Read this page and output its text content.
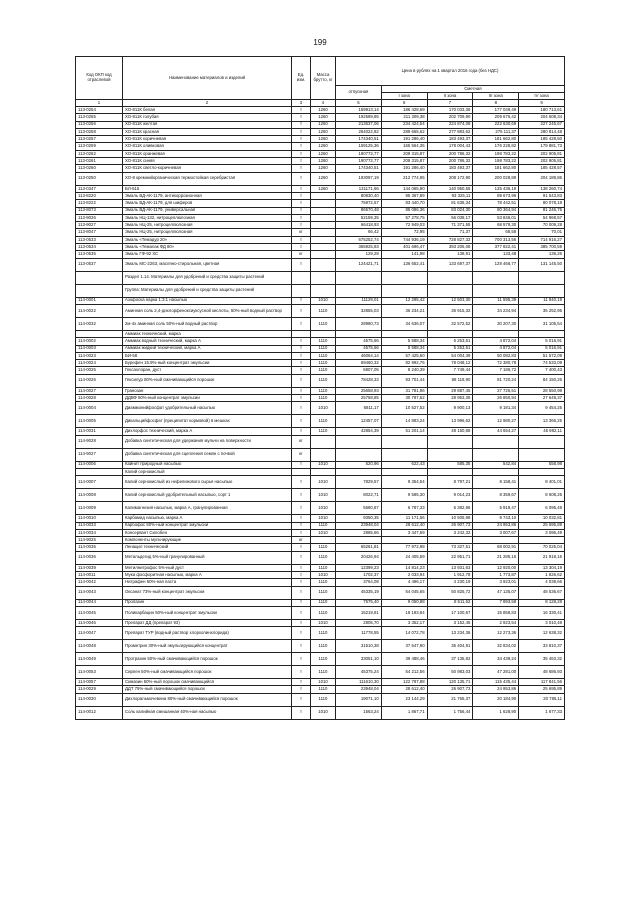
199
Код ОКП код отраслевой	Наименование материалов и изделий	Ед. изм.	Масса брутто, кг	Цена в рублях на 1 квартал 2016 года (без НДС)				
				отпускная	Сметная			
					I зона	II зона	III зона	IV зона
1	2	3	4	5	6	7	8	9
113-0254	ХО-811К белая	т	1260	159913,14	186 428,69	170 033,36	177 049,49	180 713,61
113-0255	ХО-811К голубая	т	1260	192589,85	211 309,38	202 709,90	209 676,42	204 608,34
113-0256	ХО-811К желтая	т	1260	213637,06	234 424,54	224 874,08	222 630,69	227 245,67
113-0258	ХО-811К красная	т	1260	264022,82	289 665,62	277 883,62	275 111,37	280 814,48
113-0257	ХО-811К коричневая	т	1260	174340,51	191 286,40	183 493,37	181 662,80	185 428,50
113-0259	ХО-811К оливковая	т	1260	159125,36	165 564,35	178 004,43	176 228,82	179 881,73
113-0262	ХО-811К оранжевая	т	1260	190772,77	209 315,87	200 786,32	198 783,22	202 905,81
113-0261	ХО-811К синяя	т	1260	190772,77	209 315,87	200 786,32	198 783,22	202 905,81
113-0260	ХО-811К светло-коричневая	т	1260	174340,51	191 286,40	183 493,37	181 662,80	185 428,57
113-0250	ХО-8 кремнийорганическая термостойкая серебристая	т	1260	193097,19	212 774,95	208 172,90	200 028,89	204 189,86
113-0347	БЛ-515	т	1260	131171,66	144 065,90	140 950,55	135 436,19	138 260,74
113-8220	Эмаль ВД-АК-1179, антикоррозионная	т		80830,40	95 367,89	93 325,11	89 673,99	91 543,83
113-8222	Эмаль ВД-АК-1179, для шиферов	т		75972,57	83 440,70	81 636,34	78 442,51	80 078,18
113-8073	Эмаль ВД-АК-1179, универсальная	т		86570,48	85 086,36	83 024,30	80 364,94	81 246,75
113-9026	Эмаль НЦ-132, нитроцеллюлозная	т		52159,35	57 278,75	56 038,17	53 846,01	54 968,57
113-9027	Эмаль НЦ-25, нитроцеллюлозная	т		66418,93	72 949,03	71 371,55	68 579,30	70 009,28
113-8047	Эмаль НЦ-25, нитроцеллюлозная	кг		66,42	72,95	71,37	68,58	70,01
113-0533	Эмаль «Темадур 20»	т		675252,74	744 936,19	728 827,32	700 313,56	714 916,27
113-0534	Эмаль «Темалак ФД 80»	т		365925,83	401 696,47	393 205,08	377 822,41	385 700,59
113-0535	Эмаль ГФ-92 ХС	кг		129,28	141,98	138,91	133,48	136,26
113-0537	Эмаль МС-2263, масляно-стирольная, цветная	т		124421,71	136 652,41	133 697,37	128 466,77	131 145,50
	Раздел 1.14. Материалы для удобрений и средства защиты растений							
	Группа: Материалы для удобрений и средства защиты растений							
114-0001	Азофоска нарка 1:3:1 насыпью	т	1010	11129,01	12 295,42	12 503,30	11 595,39	11 940,19
114-0022	Аминная соль 2,4-дихлорфеноксиуксусной кислоты, 50%-ный водный раствор	т	1110	32855,03	36 234,21	36 915,32	34 234,94	35 252,95
114-0032	2м-4х аминная соль 50%-ный водный раствор	т	1110	28980,73	34 636,07	32 572,52	30 207,30	31 105,54
	Аммиак технический, марка							
114-0002	Аммиак водный технический, марка А	т	1110	4575,66	5 588,34	5 253,51	4 872,04	5 016,91
114-0003	Аммиак жидкий технический, марка А	т	1110	4575,66	5 588,34	5 253,51	4 872,04	5 016,91
114-0023	БИ-58	т	1110	46064,14	57 425,60	54 004,39	50 082,83	51 572,09
114-0024	Бурефен 15.9%-ный концентрат эмульсии	т	1110	69460,32	82 992,76	78 048,12	72 380,78	74 533,09
114-0025	Гексахлоран, дуст	т	1110	6807,05	8 240,39	7 749,44	7 186,72	7 400,43
114-0026	Гексилур 80%-ный смачивающийся порошок	т	1110	78428,33	93 701,44	88 118,90	81 720,24	84 150,26
114-0027	Гранозан	т	1110	25658,93	31 781,96	29 887,45	27 726,51	28 550,98
114-0028	ДДВФ 50%-ный концентрат эмульсии	т	1110	25758,85	30 787,62	28 953,35	26 850,94	27 649,37
114-0004	Диаммонийфосфат удобрительный насыпью	т	1010	6811,17	10 527,52	9 900,13	9 181,34	9 454,25
114-0005	Дикальцийфосфат (преципитат кормовой) в мешках	т	1110	12457,07	14 883,24	13 996,62	12 980,27	13 366,25
114-0031	Дихлорфос технический, марка А	т	1110	42854,39	51 201,14	48 150,68	44 654,27	45 982,11
114-9028	Добавка синтетическая для удержания мульчи на поверхности	кг						
114-9027	Добавка синтетическая для сцепления семян с почвой	кг						
114-0006	Кайнит природный насыпью	т	1010	520,96	622,43	585,35	542,84	558,98
	Калий сернокислый							
114-0007	Калий сернокислый из нефелинового сырья насыпью	т	1010	7829,57	9 354,54	8 797,21	8 158,41	8 401,01
114-0008	Калий сернокислый удобрительный насыпью, сорт 1	т	1010	8022,71	9 585,30	9 014,23	8 359,67	8 608,25
114-0009	Калимагнезия насыпью, марка А, гранулированная	т	1010	5680,87	6 787,33	6 382,96	5 919,47	6 095,49
114-0010	Карбамид насыпью, марка А	т	1010	9350,35	11 171,56	10 505,98	9 743,10	10 032,81
114-0033	Карбофос 50%-ный концентрат эмульсии	т	1110	23948,04	28 612,40	26 907,73	24 953,86	25 695,89
114-0034	Консервант Силобен	т	1010	2885,66	3 447,69	3 242,32	3 007,67	3 096,49
114-9025	Компоненты мульчирующие	кг						
114-0035	Ленацил технический	т	1110	65261,81	77 972,98	73 327,51	68 002,91	70 025,04
114-0036	Метальдегид 5%-ный гранулированный	т	1110	20426,94	24 405,59	22 951,71	21 285,16	21 918,16
114-0039	Метилнитрофос 5%-ный дуст	т	1110	12399,23	14 814,23	13 931,63	12 920,00	13 304,19
114-0011	Мука фосфоритная насыпью, марка А	т	1010	1702,37	2 033,94	1 912,78	1 773,87	1 826,62
114-0042	Нитрафен 60%-ная паста	т	1110	3764,08	4 496,17	4 230,19	3 923,01	4 039,66
114-0043	Оксанат 73%-ный концентрат эмульсии	т	1110	45335,19	54 045,65	50 825,72	47 135,07	48 536,67
114-0044	Пропазин	т	1110	7575,40	9 050,88	8 511,62	7 893,58	8 128,28
114-0045	Поликарбацин 50%-ный концентрат эмульсии	т	1110	15219,81	18 183,84	17 100,57	15 858,83	16 330,41
114-0046	Препарат ДД (препарат 93)	т	1010	2805,70	3 352,17	3 152,45	2 923,54	3 010,48
114-0047	Препарат ТУР (водный раствор хлорхолинхлорида)	т	1110	11778,55	14 072,78	13 234,36	12 273,36	12 638,32
114-0048	Прометрин 30%-ный эмульгирующийся концентрат	т	1110	31510,38	37 647,90	35 404,91	32 834,02	33 810,37
114-0049	Протразин 50%-ный смачивающийся порошок	т	1110	33051,10	39 488,46	37 135,82	34 439,24	35 463,32
114-0053	Сирпен 50%-ный смачивающийся порошок	т	1110	45375,24	54 212,56	50 983,03	47 281,00	48 686,93
114-0057	Симазин 50%-ный порошок смачивающийся	т	1010	111610,30	122 787,88	120 135,71	115 435,44	117 841,56
114-0029	ДДТ 75%-ный смачивающийся порошок	т	1110	23948,04	28 612,40	26 907,73	24 953,86	25 695,89
114-0030	Дихлоральмочевина 80%-ный смачивающийся порошок	т	1110	19071,10	23 144,29	21 765,37	20 184,90	20 785,11
114-0012	Соль калийная смешанная 40%-ная насыпью	т	1010	1563,24	1 867,71	1 756,44	1 628,90	1 677,33
